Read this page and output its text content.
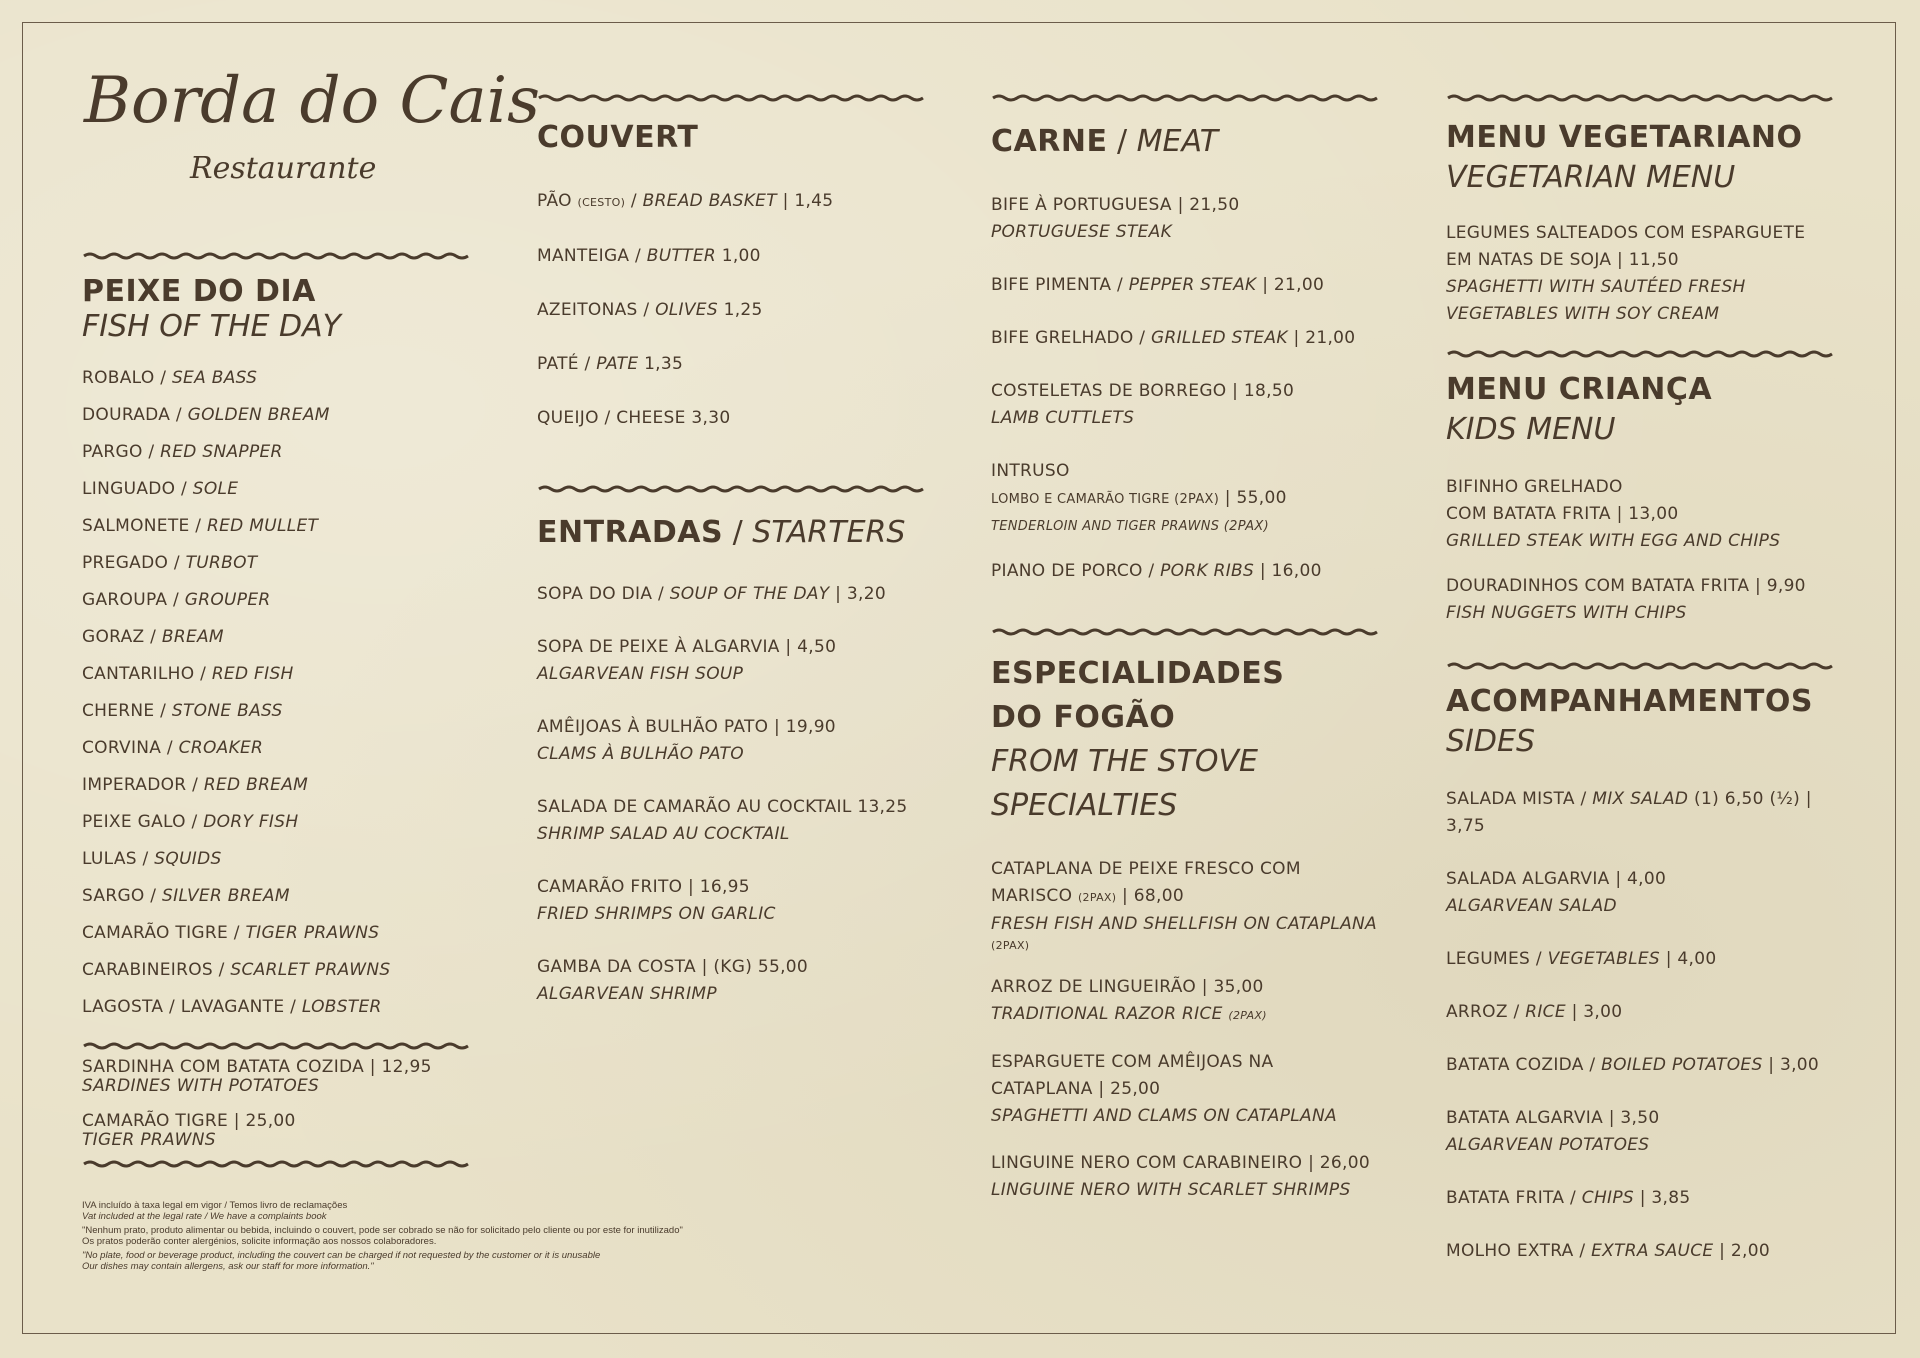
Borda do Cais
Restaurante
PEIXE DO DIA
FISH OF THE DAY
ROBALO / SEA BASS
DOURADA / GOLDEN BREAM
PARGO / RED SNAPPER
LINGUADO / SOLE
SALMONETE / RED MULLET
PREGADO / TURBOT
GAROUPA / GROUPER
GORAZ / BREAM
CANTARILHO / RED FISH
CHERNE / STONE BASS
CORVINA / CROAKER
IMPERADOR / RED BREAM
PEIXE GALO / DORY FISH
LULAS / SQUIDS
SARGO / SILVER BREAM
CAMARÃO TIGRE / TIGER PRAWNS
CARABINEIROS / SCARLET PRAWNS
LAGOSTA / LAVAGANTE / LOBSTER
SARDINHA COM BATATA COZIDA | 12,95
SARDINES WITH POTATOES
CAMARÃO TIGRE | 25,00
TIGER PRAWNS
IVA incluído à taxa legal em vigor / Temos livro de reclamações
Vat included at the legal rate / We have a complaints book
"Nenhum prato, produto alimentar ou bebida, incluindo o couvert, pode ser cobrado se não for solicitado pelo cliente ou por este for inutilizado"
Os pratos poderão conter alergénios, solicite informação aos nossos colaboradores.
"No plate, food or beverage product, including the couvert can be charged if not requested by the customer or it is unusable
Our dishes may contain allergens, ask our staff for more information."
COUVERT
PÃO (CESTO) / BREAD BASKET | 1,45
MANTEIGA / BUTTER 1,00
AZEITONAS / OLIVES 1,25
PATÉ / PATE 1,35
QUEIJO / CHEESE 3,30
ENTRADAS / STARTERS
SOPA DO DIA / SOUP OF THE DAY | 3,20
SOPA DE PEIXE À ALGARVIA | 4,50
ALGARVEAN FISH SOUP
AMÊIJOAS À BULHÃO PATO | 19,90
CLAMS À BULHÃO PATO
SALADA DE CAMARÃO AU COCKTAIL 13,25
SHRIMP SALAD AU COCKTAIL
CAMARÃO FRITO | 16,95
FRIED SHRIMPS ON GARLIC
GAMBA DA COSTA | (KG) 55,00
ALGARVEAN SHRIMP
CARNE / MEAT
BIFE À PORTUGUESA | 21,50
PORTUGUESE STEAK
BIFE PIMENTA / PEPPER STEAK | 21,00
BIFE GRELHADO / GRILLED STEAK | 21,00
COSTELETAS DE BORREGO | 18,50
LAMB CUTTLETS
INTRUSO
LOMBO E CAMARÃO TIGRE (2PAX) | 55,00
TENDERLOIN AND TIGER PRAWNS (2PAX)
PIANO DE PORCO / PORK RIBS | 16,00
ESPECIALIDADES
DO FOGÃO
FROM THE STOVE
SPECIALTIES
CATAPLANA DE PEIXE FRESCO COM
MARISCO (2PAX) | 68,00
FRESH FISH AND SHELLFISH ON CATAPLANA
(2PAX)
ARROZ DE LINGUEIRÃO | 35,00
TRADITIONAL RAZOR RICE (2PAX)
ESPARGUETE COM AMÊIJOAS NA
CATAPLANA | 25,00
SPAGHETTI AND CLAMS ON CATAPLANA
LINGUINE NERO COM CARABINEIRO | 26,00
LINGUINE NERO WITH SCARLET SHRIMPS
MENU VEGETARIANO
VEGETARIAN MENU
LEGUMES SALTEADOS COM ESPARGUETE
EM NATAS DE SOJA | 11,50
SPAGHETTI WITH SAUTÉED FRESH
VEGETABLES WITH SOY CREAM
MENU CRIANÇA
KIDS MENU
BIFINHO GRELHADO
COM BATATA FRITA | 13,00
GRILLED STEAK WITH EGG AND CHIPS
DOURADINHOS COM BATATA FRITA | 9,90
FISH NUGGETS WITH CHIPS
ACOMPANHAMENTOS
SIDES
SALADA MISTA / MIX SALAD (1) 6,50 (½) | 3,75
SALADA ALGARVIA | 4,00
ALGARVEAN SALAD
LEGUMES / VEGETABLES | 4,00
ARROZ / RICE | 3,00
BATATA COZIDA / BOILED POTATOES | 3,00
BATATA ALGARVIA | 3,50
ALGARVEAN POTATOES
BATATA FRITA / CHIPS | 3,85
MOLHO EXTRA / EXTRA SAUCE | 2,00
